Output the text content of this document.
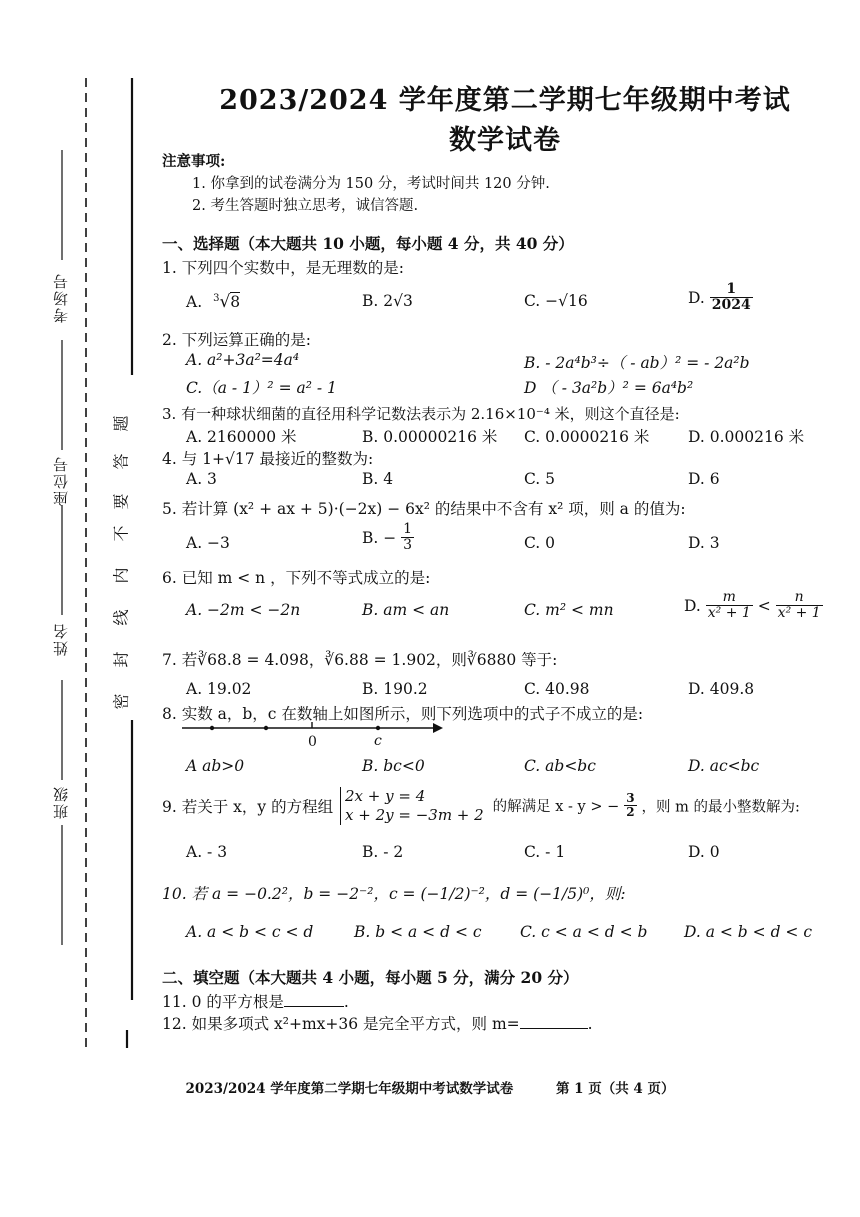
考场号
座位号
姓名
班级
密
封
线
内
不
要
答
题
2023/2024 学年度第二学期七年级期中考试
数学试卷
注意事项:
1. 你拿到的试卷满分为 150 分，考试时间共 120 分钟.
2. 考生答题时独立思考，诚信答题.
一、选择题（本大题共 10 小题，每小题 4 分，共 40 分）
1. 下列四个实数中，是无理数的是:
A. $^3$√8	B. 2√3	C. −√16	D. $\frac{1}{2024}$
2. 下列运算正确的是:
A. a²+3a²=4a⁴	B. - 2a⁴b³÷（ - ab）² = - 2a²b
C.（a - 1）² = a² - 1	D （ - 3a²b）² = 6a⁴b²
3. 有一种球状细菌的直径用科学记数法表示为 2.16×10⁻⁴ 米，则这个直径是:
A. 2160000 米	B. 0.00000216 米 C. 0.0000216 米 D. 0.000216 米
4. 与 1+√17 最接近的整数为:
A. 3	B. 4	C. 5	D. 6
5. 若计算 (x² + ax + 5)·(−2x) − 6x² 的结果中不含有 x² 项，则 a 的值为:
A. −3	B. − $\frac{1}{3}$	C. 0	D. 3
6. 已知 m < n ，下列不等式成立的是:
A. −2m < −2n	B. am < an	C. m² < mn	D. $\frac{m}{\text{x² + 1}} < \frac{n}{\text{x² + 1}}$
7. 若∛68.8 = 4.098，∛6.88 = 1.902，则∛6880 等于:
A. 19.02	B. 190.2	C. 40.98	D. 409.8
8. 实数 a，b，c 在数轴上如图所示，则下列选项中的式子不成立的是:
0	c
A ab>0	B. bc<0	C. ab<bc	D. ac<bc
9. 若关于 x，y 的方程组
2x + y = 4
x + 2y = −3m + 2 的解满足 x - y > − $\frac{3}{2}$ ，则 m 的最小整数解为:
A. - 3	B. - 2	C. - 1	D. 0
10. 若 a = −0.2²，b = −2⁻²，c = (−1/2)⁻²，d = (−1/5)⁰，则:
A. a < b < c < d	B. b < a < d < c C. c < a < d < b D. a < b < d < c
二、填空题（本大题共 4 小题，每小题 5 分，满分 20 分）
11. 0 的平方根是	.
12. 如果多项式 x²+mx+36 是完全平方式，则 m=	.
2023/2024 学年度第二学期七年级期中考试数学试卷	第 1 页（共 4 页）
